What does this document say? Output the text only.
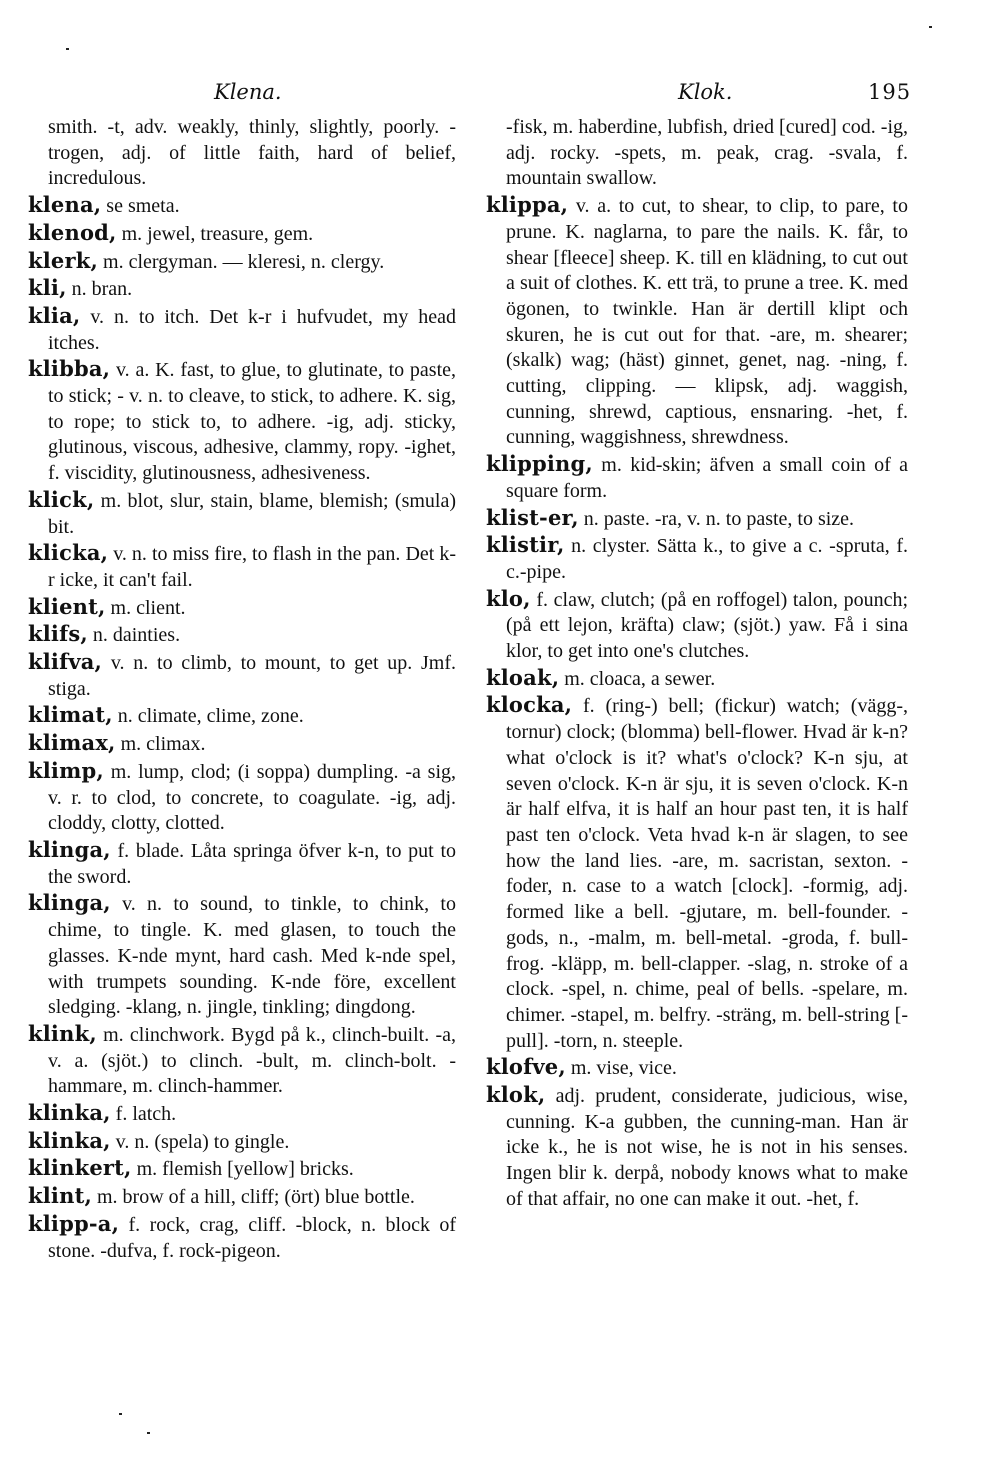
Klena.	Klok.	195
smith. -t, adv. weakly, thinly, slightly, poorly. -trogen, adj. of little faith, hard of belief, incredulous.
klena, se smeta.
klenod, m. jewel, treasure, gem.
klerk, m. clergyman. — kleresi, n. clergy.
kli, n. bran.
klia, v. n. to itch. Det k-r i hufvudet, my head itches.
klibba, v. a. K. fast, to glue, to glutinate, to paste, to stick; - v. n. to cleave, to stick, to adhere. K. sig, to rope; to stick to, to adhere. -ig, adj. sticky, glutinous, viscous, adhesive, clammy, ropy. -ighet, f. viscidity, glutinousness, adhesiveness.
klick, m. blot, slur, stain, blame, blemish; (smula) bit.
klicka, v. n. to miss fire, to flash in the pan. Det k-r icke, it can't fail.
klient, m. client.
klifs, n. dainties.
klifva, v. n. to climb, to mount, to get up. Jmf. stiga.
klimat, n. climate, clime, zone.
klimax, m. climax.
klimp, m. lump, clod; (i soppa) dumpling. -a sig, v. r. to clod, to concrete, to coagulate. -ig, adj. cloddy, clotty, clotted.
klinga, f. blade. Låta springa öfver k-n, to put to the sword.
klinga, v. n. to sound, to tinkle, to chink, to chime, to tingle. K. med glasen, to touch the glasses. K-nde mynt, hard cash. Med k-nde spel, with trumpets sounding. K-nde före, excellent sledging. -klang, n. jingle, tinkling; dingdong.
klink, m. clinchwork. Bygd på k., clinch-built. -a, v. a. (sjöt.) to clinch. -bult, m. clinch-bolt. -hammare, m. clinch-hammer.
klinka, f. latch.
klinka, v. n. (spela) to gingle.
klinkert, m. flemish [yellow] bricks.
klint, m. brow of a hill, cliff; (ört) blue bottle.
klipp-a, f. rock, crag, cliff. -block, n. block of stone. -dufva, f. rock-pigeon.
-fisk, m. haberdine, lubfish, dried [cured] cod. -ig, adj. rocky. -spets, m. peak, crag. -svala, f. mountain swallow.
klippa, v. a. to cut, to shear, to clip, to pare, to prune. K. naglarna, to pare the nails. K. får, to shear [fleece] sheep. K. till en klädning, to cut out a suit of clothes. K. ett trä, to prune a tree. K. med ögonen, to twinkle. Han är dertill klipt och skuren, he is cut out for that. -are, m. shearer; (skalk) wag; (häst) ginnet, genet, nag. -ning, f. cutting, clipping. — klipsk, adj. waggish, cunning, shrewd, captious, ensnaring. -het, f. cunning, waggishness, shrewdness.
klipping, m. kid-skin; äfven a small coin of a square form.
klist-er, n. paste. -ra, v. n. to paste, to size.
klistir, n. clyster. Sätta k., to give a c. -spruta, f. c.-pipe.
klo, f. claw, clutch; (på en roffogel) talon, pounch; (på ett lejon, kräfta) claw; (sjöt.) yaw. Få i sina klor, to get into one's clutches.
kloak, m. cloaca, a sewer.
klocka, f. (ring-) bell; (fickur) watch; (vägg-, tornur) clock; (blomma) bell-flower. Hvad är k-n? what o'clock is it? what's o'clock? K-n sju, at seven o'clock. K-n är sju, it is seven o'clock. K-n är half elfva, it is half an hour past ten, it is half past ten o'clock. Veta hvad k-n är slagen, to see how the land lies. -are, m. sacristan, sexton. -foder, n. case to a watch [clock]. -formig, adj. formed like a bell. -gjutare, m. bell-founder. -gods, n., -malm, m. bell-metal. -groda, f. bull-frog. -kläpp, m. bell-clapper. -slag, n. stroke of a clock. -spel, n. chime, peal of bells. -spelare, m. chimer. -stapel, m. belfry. -sträng, m. bell-string [-pull]. -torn, n. steeple.
klofve, m. vise, vice.
klok, adj. prudent, considerate, judicious, wise, cunning. K-a gubben, the cunning-man. Han är icke k., he is not wise, he is not in his senses. Ingen blir k. derpå, nobody knows what to make of that affair, no one can make it out. -het, f.
